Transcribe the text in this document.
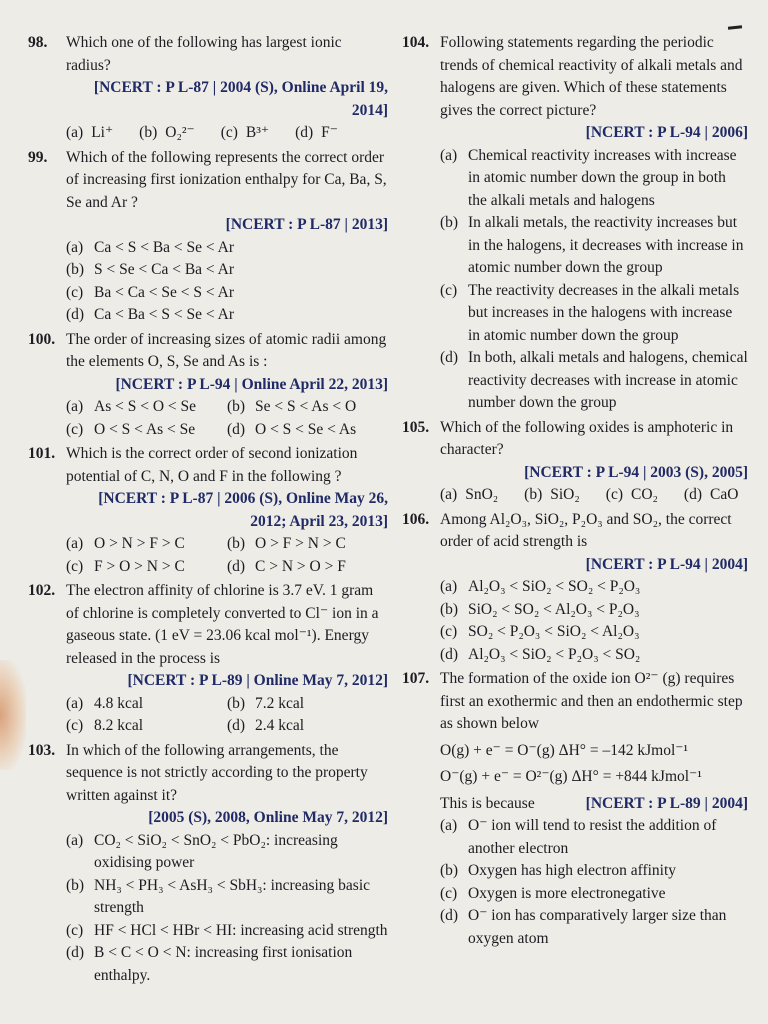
98. Which one of the following has largest ionic radius?
[NCERT : P L-87 | 2004 (S), Online April 19, 2014]
(a) Li⁺ (b) O₂²⁻ (c) B³⁺ (d) F⁻
99. Which of the following represents the correct order of increasing first ionization enthalpy for Ca, Ba, S, Se and Ar ?
[NCERT : P L-87 | 2013]
(a) Ca < S < Ba < Se < Ar
(b) S < Se < Ca < Ba < Ar
(c) Ba < Ca < Se < S < Ar
(d) Ca < Ba < S < Se < Ar
100. The order of increasing sizes of atomic radii among the elements O, S, Se and As is :
[NCERT : P L-94 | Online April 22, 2013]
(a) As < S < O < Se	(b) Se < S < As < O
(c) O < S < As < Se	(d) O < S < Se < As
101. Which is the correct order of second ionization potential of C, N, O and F in the following ?
[NCERT : P L-87 | 2006 (S), Online May 26, 2012; April 23, 2013]
(a) O > N > F > C	(b) O > F > N > C
(c) F > O > N > C	(d) C > N > O > F
102. The electron affinity of chlorine is 3.7 eV. 1 gram of chlorine is completely converted to Cl⁻ ion in a gaseous state. (1 eV = 23.06 kcal mol⁻¹). Energy released in the process is
[NCERT : P L-89 | Online May 7, 2012]
(a) 4.8 kcal	(b) 7.2 kcal
(c) 8.2 kcal	(d) 2.4 kcal
103. In which of the following arrangements, the sequence is not strictly according to the property written against it?
[2005 (S), 2008, Online May 7, 2012]
(a) CO₂ < SiO₂ < SnO₂ < PbO₂: increasing oxidising power
(b) NH₃ < PH₃ < AsH₃ < SbH₃: increasing basic strength
(c) HF < HCl < HBr < HI: increasing acid strength
(d) B < C < O < N: increasing first ionisation enthalpy.
104. Following statements regarding the periodic trends of chemical reactivity of alkali metals and halogens are given. Which of these statements gives the correct picture?
[NCERT : P L-94 | 2006]
(a) Chemical reactivity increases with increase in atomic number down the group in both the alkali metals and halogens
(b) In alkali metals, the reactivity increases but in the halogens, it decreases with increase in atomic number down the group
(c) The reactivity decreases in the alkali metals but increases in the halogens with increase in atomic number down the group
(d) In both, alkali metals and halogens, chemical reactivity decreases with increase in atomic number down the group
105. Which of the following oxides is amphoteric in character?
[NCERT : P L-94 | 2003 (S), 2005]
(a) SnO₂ (b) SiO₂ (c) CO₂ (d) CaO
106. Among Al₂O₃, SiO₂, P₂O₃ and SO₂, the correct order of acid strength is
[NCERT : P L-94 | 2004]
(a) Al₂O₃ < SiO₂ < SO₂ < P₂O₃
(b) SiO₂ < SO₂ < Al₂O₃ < P₂O₃
(c) SO₂ < P₂O₃ < SiO₂ < Al₂O₃
(d) Al₂O₃ < SiO₂ < P₂O₃ < SO₂
107. The formation of the oxide ion O²⁻ (g) requires first an exothermic and then an endothermic step as shown below
O(g) + e⁻ = O⁻(g) ΔH° = –142 kJmol⁻¹
O⁻(g) + e⁻ = O²⁻(g) ΔH° = +844 kJmol⁻¹
This is because	[NCERT : P L-89 | 2004]
(a) O⁻ ion will tend to resist the addition of another electron
(b) Oxygen has high electron affinity
(c) Oxygen is more electronegative
(d) O⁻ ion has comparatively larger size than oxygen atom
